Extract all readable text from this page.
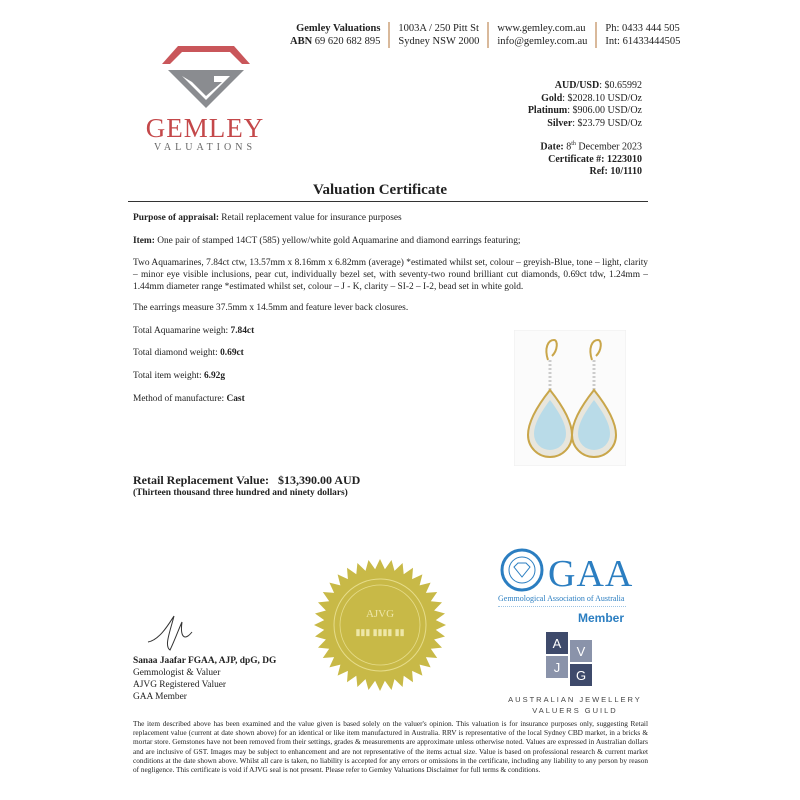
GEMLEY
VALUATIONS
Gemley Valuations
ABN 69 620 682 895
1003A / 250 Pitt St
Sydney NSW 2000
www.gemley.com.au
info@gemley.com.au
Ph: 0433 444 505
Int: 61433444505
AUD/USD: $0.65992
Gold: $2028.10 USD/Oz
Platinum: $906.00 USD/Oz
Silver: $23.79 USD/Oz
Date: 8th December 2023
Certificate #: 1223010
Ref: 10/1110
Valuation Certificate
Purpose of appraisal: Retail replacement value for insurance purposes
Item: One pair of stamped 14CT (585) yellow/white gold Aquamarine and diamond earrings featuring;
Two Aquamarines, 7.84ct ctw, 13.57mm x 8.16mm x 6.82mm (average) *estimated whilst set, colour – greyish-Blue, tone – light, clarity – minor eye visible inclusions, pear cut, individually bezel set, with seventy-two round brilliant cut diamonds, 0.69ct tdw, 1.24mm – 1.44mm diameter range *estimated whilst set, colour – J - K, clarity – SI-2 – I-2, bead set in white gold.
The earrings measure 37.5mm x 14.5mm and feature lever back closures.
Total Aquamarine weigh: 7.84ct
Total diamond weight: 0.69ct
Total item weight: 6.92g
Method of manufacture: Cast
Retail Replacement Value: $13,390.00 AUD
(Thirteen thousand three hundred and ninety dollars)
Sanaa Jaafar FGAA, AJP, dpG, DG
Gemmologist & Valuer
AJVG Registered Valuer
GAA Member
AJVG
▮▮▮ ▮▮▮▮ ▮▮
GAA
Gemmological Association of Australia
Member
A
V
J
G
AUSTRALIAN JEWELLERY
VALUERS GUILD
The item described above has been examined and the value given is based solely on the valuer's opinion. This valuation is for insurance purposes only, suggesting Retail replacement value (current at date shown above) for an identical or like item manufactured in Australia. RRV is representative of the local Sydney CBD market, in a bricks & mortar store. Gemstones have not been removed from their settings, grades & measurements are approximate unless otherwise noted. Values are expressed in Australian dollars and are inclusive of GST. Images may be subject to enhancement and are not representative of the items actual size. Value is based on professional research & current market conditions at the date shown above. Whilst all care is taken, no liability is accepted for any errors or omissions in the certificate, including any liability to any person by reason of negligence. This certificate is void if AJVG seal is not present. Please refer to Gemley Valuations Disclaimer for full terms & conditions.
